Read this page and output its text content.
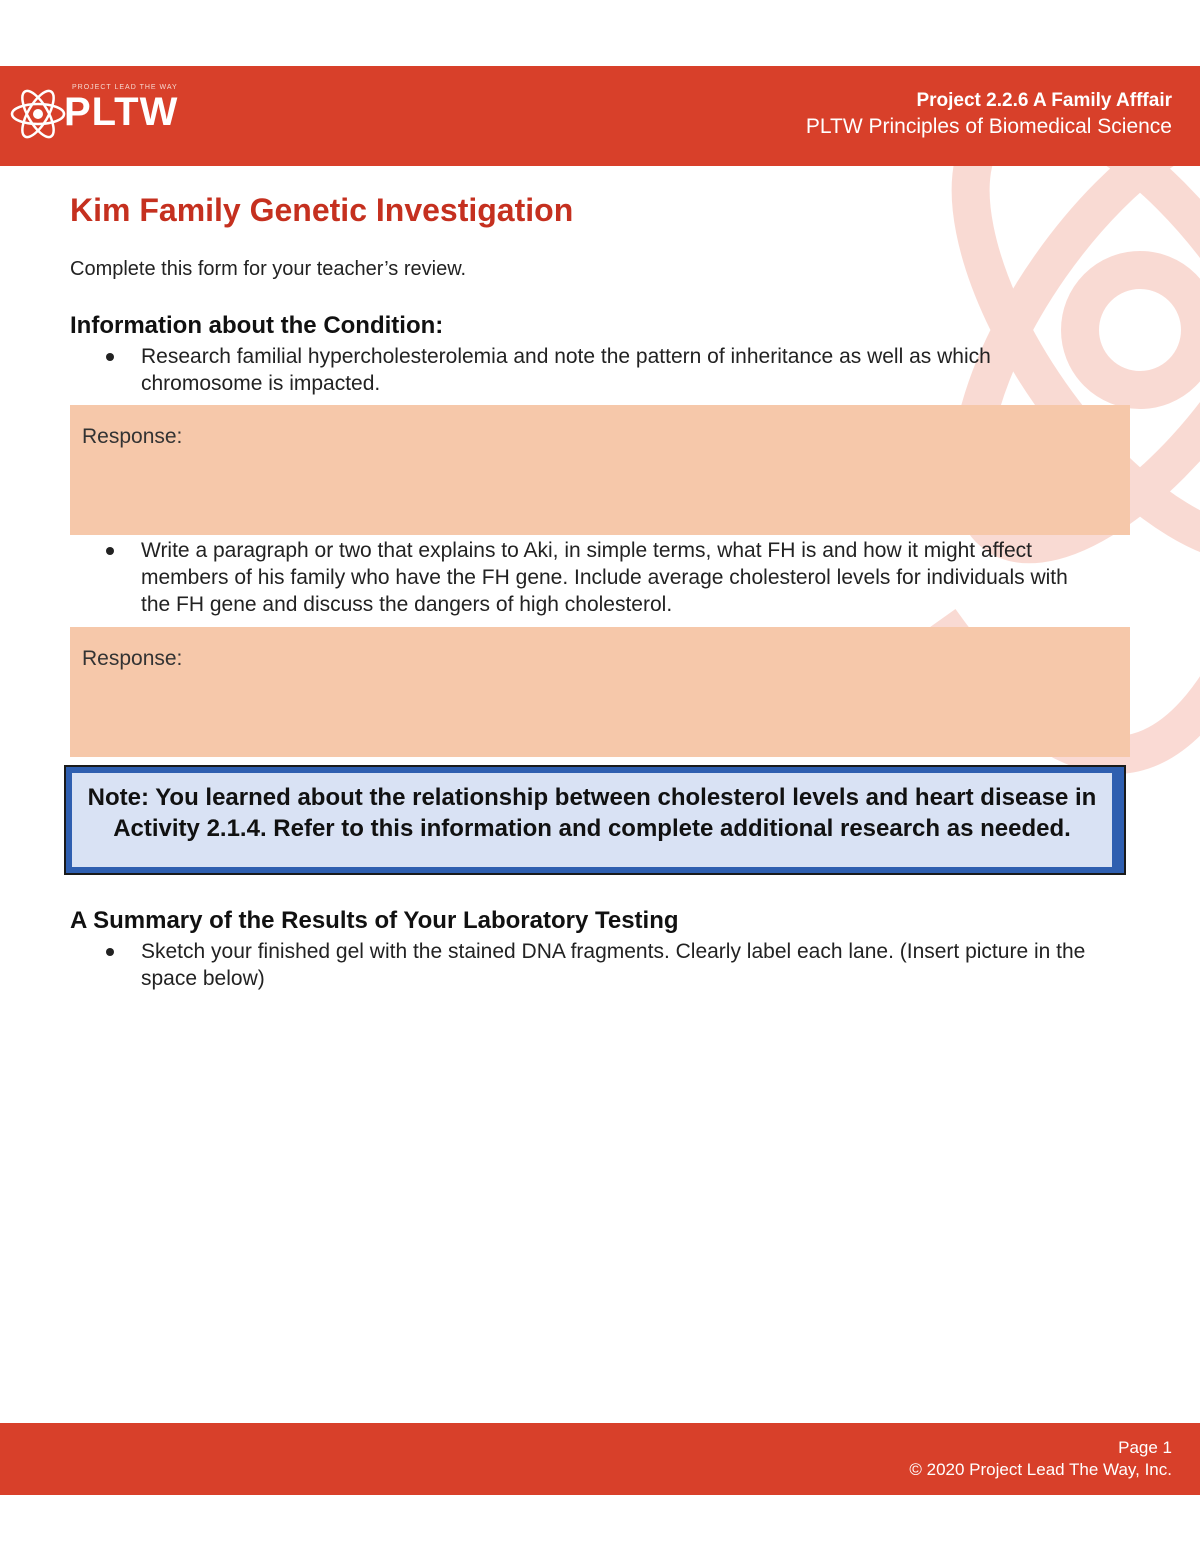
PROJECT LEAD THE WAY
PLTW	Project 2.2.6 A Family Afffair
PLTW Principles of Biomedical Science
Kim Family Genetic Investigation
Complete this form for your teacher’s review.
Information about the Condition:
Research familial hypercholesterolemia and note the pattern of inheritance as well as which chromosome is impacted.
Response:
Write a paragraph or two that explains to Aki, in simple terms, what FH is and how it might affect members of his family who have the FH gene. Include average cholesterol levels for individuals with the FH gene and discuss the dangers of high cholesterol.
Response:
Note: You learned about the relationship between cholesterol levels and heart disease in Activity 2.1.4. Refer to this information and complete additional research as needed.
A Summary of the Results of Your Laboratory Testing
Sketch your finished gel with the stained DNA fragments. Clearly label each lane. (Insert picture in the space below)
Page 1
© 2020 Project Lead The Way, Inc.
